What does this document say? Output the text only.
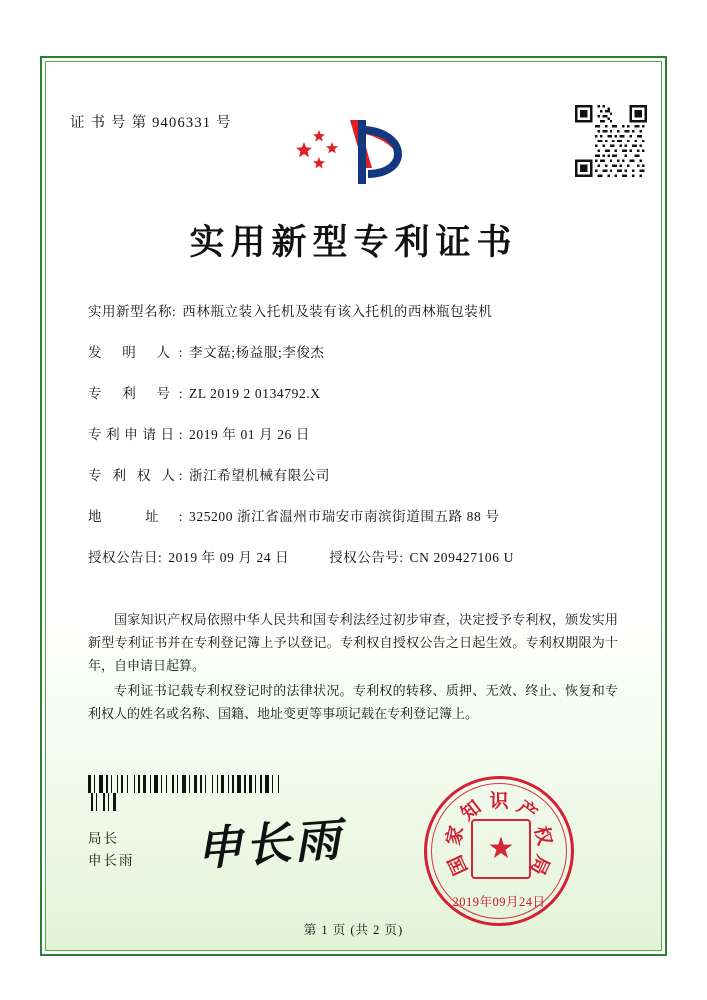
证 书 号 第 9406331 号
实用新型专利证书
实用新型名称: 西林瓶立装入托机及装有该入托机的西林瓶包装机
发 明 人: 李文磊;杨益服;李俊杰
专 利 号: ZL 2019 2 0134792.X
专利申请日: 2019 年 01 月 26 日
专 利 权 人: 浙江希望机械有限公司
地 址: 325200 浙江省温州市瑞安市南滨街道围五路 88 号
授权公告日: 2019 年 09 月 24 日	授权公告号: CN 209427106 U

国家知识产权局依照中华人民共和国专利法经过初步审查，决定授予专利权，颁发实用新型专利证书并在专利登记簿上予以登记。专利权自授权公告之日起生效。专利权期限为十年，自申请日起算。

专利证书记载专利权登记时的法律状况。专利权的转移、质押、无效、终止、恢复和专利权人的姓名或名称、国籍、地址变更等事项记载在专利登记簿上。

局长
申长雨 申长雨	★
2019年09月24日
国
家
知 识 产
权
局
第 1 页 (共 2 页)
